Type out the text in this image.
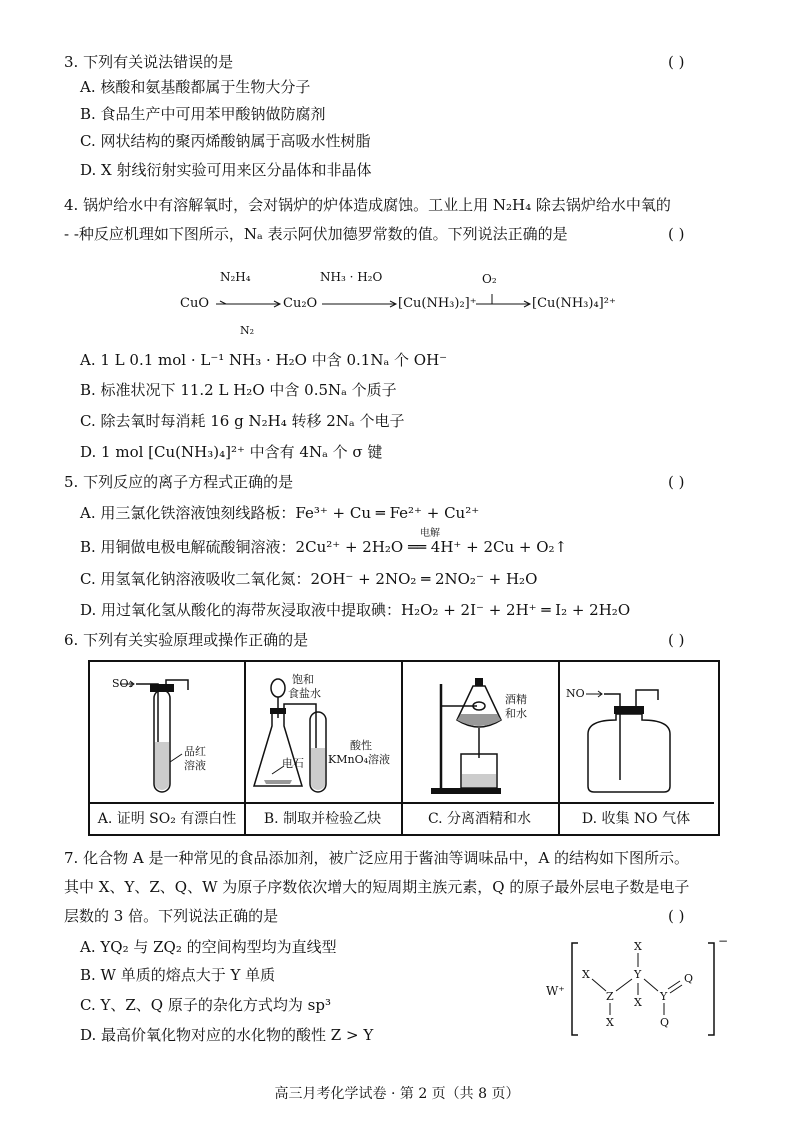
3. 下列有关说法错误的是	( )
A. 核酸和氨基酸都属于生物大分子
B. 食品生产中可用苯甲酸钠做防腐剂
C. 网状结构的聚丙烯酸钠属于高吸水性树脂
D. X 射线衍射实验可用来区分晶体和非晶体
4. 锅炉给水中有溶解氧时，会对锅炉的炉体造成腐蚀。工业上用 N₂H₄ 除去锅炉给水中氧的
- -种反应机理如下图所示，Nₐ 表示阿伏加德罗常数的值。下列说法正确的是	( )
CuO
N₂H₄
N₂
Cu₂O
NH₃ · H₂O
[Cu(NH₃)₂]⁺
O₂
[Cu(NH₃)₄]²⁺
A. 1 L 0.1 mol · L⁻¹ NH₃ · H₂O 中含 0.1Nₐ 个 OH⁻
B. 标准状况下 11.2 L H₂O 中含 0.5Nₐ 个质子
C. 除去氧时每消耗 16 g N₂H₄ 转移 2Nₐ 个电子
D. 1 mol [Cu(NH₃)₄]²⁺ 中含有 4Nₐ 个 σ 键
5. 下列反应的离子方程式正确的是	( )
A. 用三氯化铁溶液蚀刻线路板：Fe³⁺ + Cu ═ Fe²⁺ + Cu²⁺
B. 用铜做电极电解硫酸铜溶液：2Cu²⁺ + 2H₂O ══ 4H⁺ + 2Cu + O₂↑
电解
C. 用氢氧化钠溶液吸收二氧化氮：2OH⁻ + 2NO₂ ═ 2NO₂⁻ + H₂O
D. 用过氧化氢从酸化的海带灰浸取液中提取碘：H₂O₂ + 2I⁻ + 2H⁺ ═ I₂ + 2H₂O
6. 下列有关实验原理或操作正确的是	( )
SO₂
品红
溶液
A. 证明 SO₂ 有漂白性
饱和
食盐水
电石
酸性
KMnO₄溶液
B. 制取并检验乙炔
酒精
和水
C. 分离酒精和水
NO
D. 收集 NO 气体
7. 化合物 A 是一种常见的食品添加剂，被广泛应用于酱油等调味品中，A 的结构如下图所示。
其中 X、Y、Z、Q、W 为原子序数依次增大的短周期主族元素，Q 的原子最外层电子数是电子
层数的 3 倍。下列说法正确的是	( )
A. YQ₂ 与 ZQ₂ 的空间构型均为直线型
B. W 单质的熔点大于 Y 单质
C. Y、Z、Q 原子的杂化方式均为 sp³
D. 最高价氧化物对应的水化物的酸性 Z > Y
W⁺
−
X
X	Y
Y
Z X
X
Q
Q
高三月考化学试卷 · 第 2 页（共 8 页）
